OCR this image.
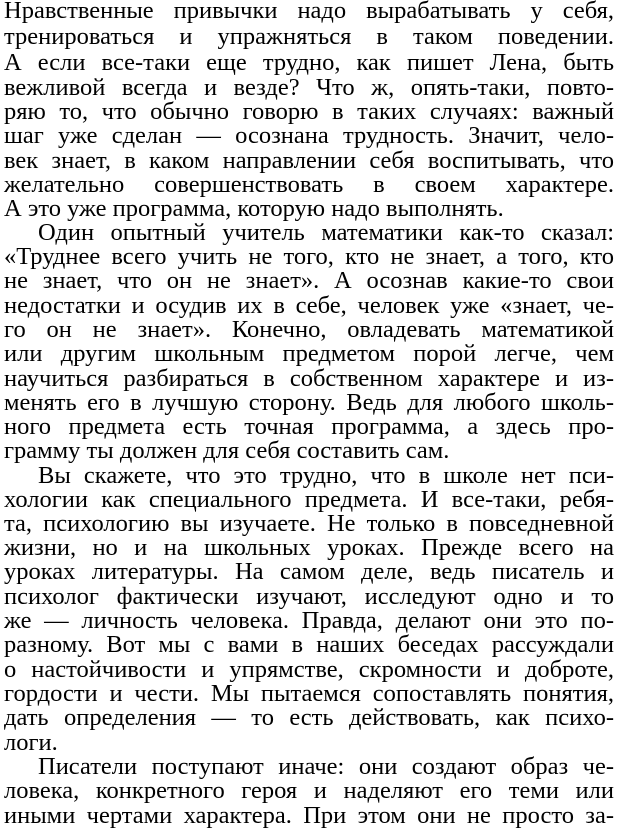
Нравственные привычки надо вырабатывать у себя,
тренироваться и упражняться в таком поведении.
А если все-таки еще трудно, как пишет Лена, быть
вежливой всегда и везде? Что ж, опять-таки, повто-
ряю то, что обычно говорю в таких случаях: важный
шаг уже сделан — осознана трудность. Значит, чело-
век знает, в каком направлении себя воспитывать, что
желательно совершенствовать в своем характере.
А это уже программа, которую надо выполнять.
Один опытный учитель математики как-то сказал:
«Труднее всего учить не того, кто не знает, а того, кто
не знает, что он не знает». А осознав какие-то свои
недостатки и осудив их в себе, человек уже «знает, че-
го он не знает». Конечно, овладевать математикой
или другим школьным предметом порой легче, чем
научиться разбираться в собственном характере и из-
менять его в лучшую сторону. Ведь для любого школь-
ного предмета есть точная программа, а здесь про-
грамму ты должен для себя составить сам.
Вы скажете, что это трудно, что в школе нет пси-
хологии как специального предмета. И все-таки, ребя-
та, психологию вы изучаете. Не только в повседневной
жизни, но и на школьных уроках. Прежде всего на
уроках литературы. На самом деле, ведь писатель и
психолог фактически изучают, исследуют одно и то
же — личность человека. Правда, делают они это по-
разному. Вот мы с вами в наших беседах рассуждали
о настойчивости и упрямстве, скромности и доброте,
гордости и чести. Мы пытаемся сопоставлять понятия,
дать определения — то есть действовать, как психо-
логи.
Писатели поступают иначе: они создают образ че-
ловека, конкретного героя и наделяют его теми или
иными чертами характера. При этом они не просто за-
